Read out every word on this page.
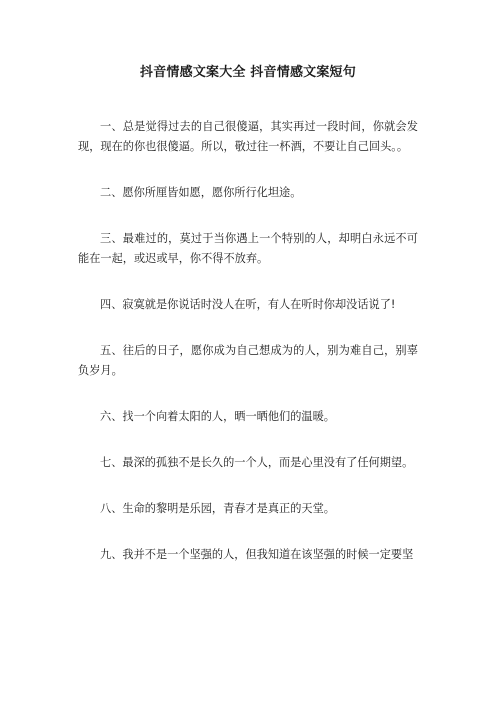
抖音情感文案大全 抖音情感文案短句

一、总是觉得过去的自己很傻逼，其实再过一段时间，你就会发现，现在的你也很傻逼。所以，敬过往一杯酒，不要让自己回头。。

二、愿你所厘皆如愿，愿你所行化坦途。

三、最难过的，莫过于当你遇上一个特别的人，却明白永远不可能在一起，或迟或早，你不得不放弃。

四、寂寞就是你说话时没人在听，有人在听时你却没话说了!

五、往后的日子，愿你成为自己想成为的人，别为难自己，别辜负岁月。

六、找一个向着太阳的人，晒一晒他们的温暖。

七、最深的孤独不是长久的一个人，而是心里没有了任何期望。

八、生命的黎明是乐园，青春才是真正的天堂。

九、我并不是一个坚强的人，但我知道在该坚强的时候一定要坚
